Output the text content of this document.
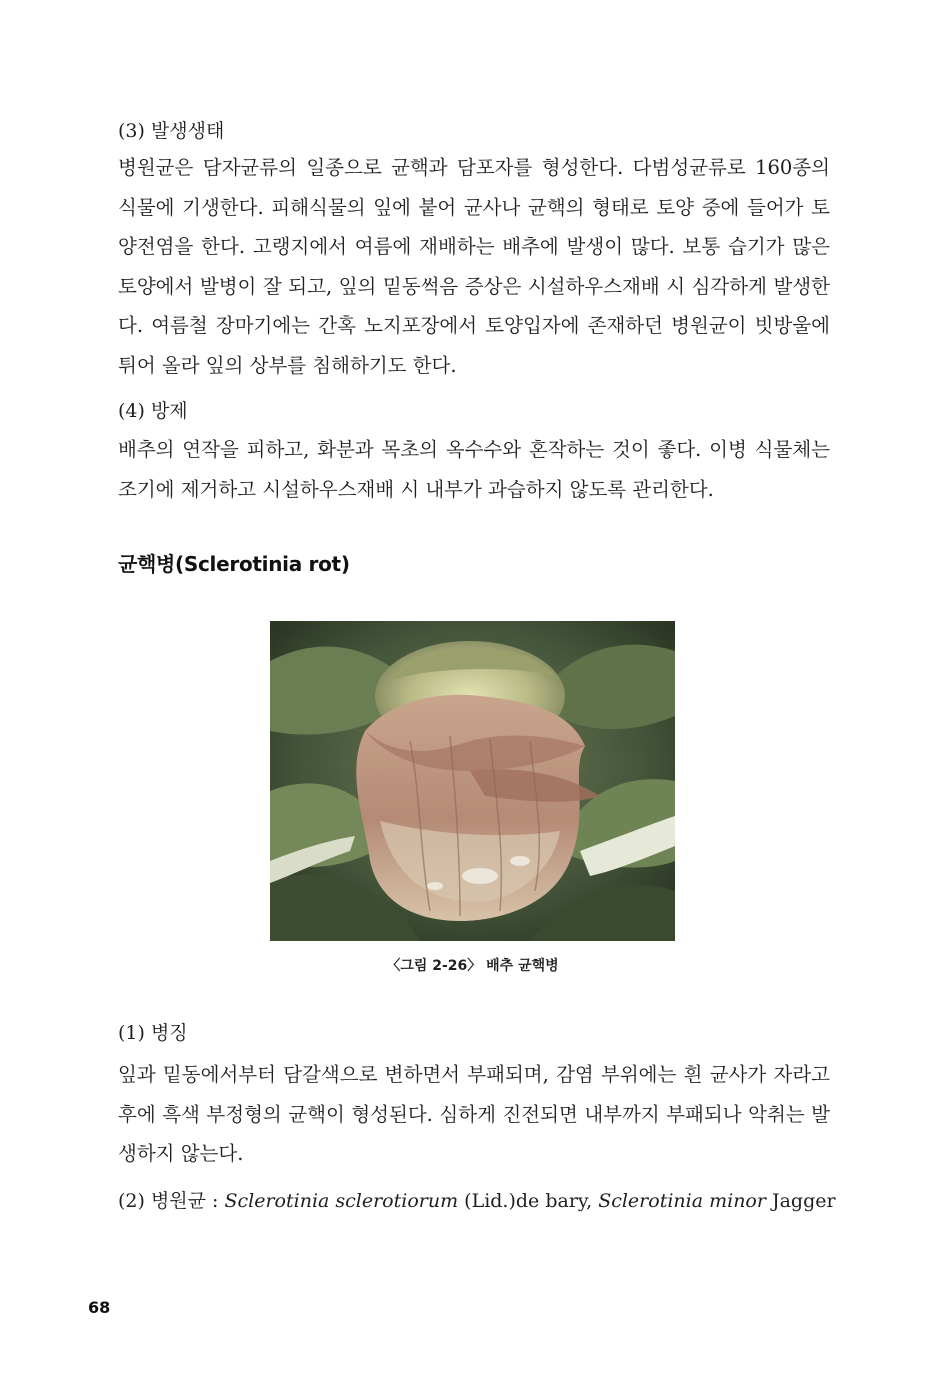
(3) 발생생태
병원균은 담자균류의 일종으로 균핵과 담포자를 형성한다. 다범성균류로 160종의 식물에 기생한다. 피해식물의 잎에 붙어 균사나 균핵의 형태로 토양 중에 들어가 토양전염을 한다. 고랭지에서 여름에 재배하는 배추에 발생이 많다. 보통 습기가 많은 토양에서 발병이 잘 되고, 잎의 밑동썩음 증상은 시설하우스재배 시 심각하게 발생한다. 여름철 장마기에는 간혹 노지포장에서 토양입자에 존재하던 병원균이 빗방울에 튀어 올라 잎의 상부를 침해하기도 한다.
(4) 방제
배추의 연작을 피하고, 화분과 목초의 옥수수와 혼작하는 것이 좋다. 이병 식물체는 조기에 제거하고 시설하우스재배 시 내부가 과습하지 않도록 관리한다.
균핵병(Sclerotinia rot)
〈그림 2-26〉 배추 균핵병
(1) 병징
잎과 밑동에서부터 담갈색으로 변하면서 부패되며, 감염 부위에는 흰 균사가 자라고 후에 흑색 부정형의 균핵이 형성된다. 심하게 진전되면 내부까지 부패되나 악취는 발생하지 않는다.
(2) 병원균 : Sclerotinia sclerotiorum (Lid.)de bary, Sclerotinia minor Jagger
68
